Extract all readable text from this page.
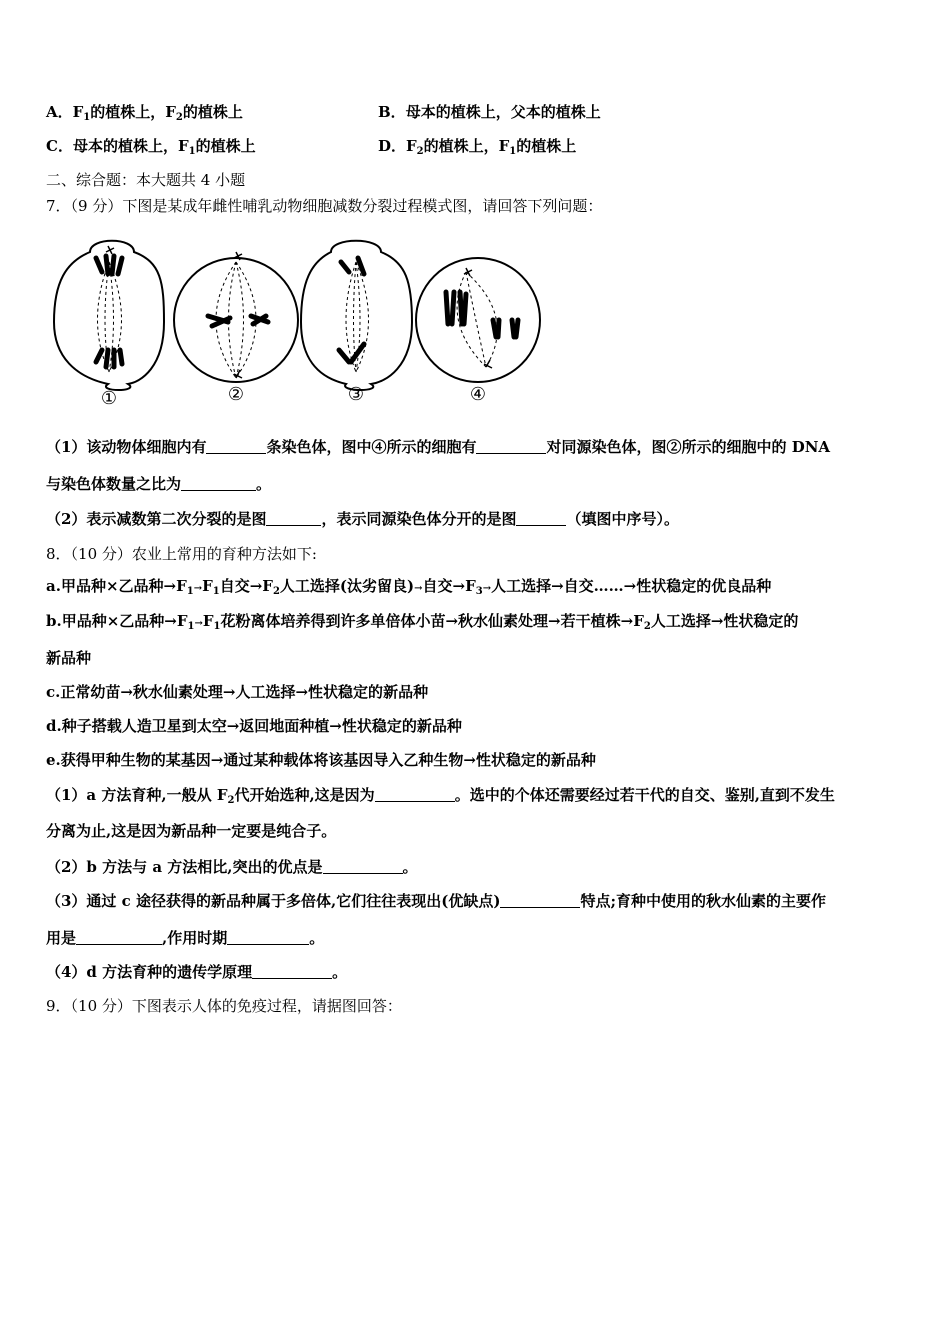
A．$F_1$的植株上，$F_2$的植株上	B．母本的植株上，父本的植株上
C．母本的植株上，$F_1$的植株上	D．$F_2$的植株上，$F_1$的植株上
二、综合题：本大题共 4 小题
7．（9 分）下图是某成年雌性哺乳动物细胞减数分裂过程模式图，请回答下列问题：
①	②	③	④
（1）该动物体细胞内有	条染色体，图中④所示的细胞有	对同源染色体，图②所示的细胞中的 DNA
与染色体数量之比为	。
（2）表示减数第二次分裂的是图	，表示同源染色体分开的是图	（填图中序号）。
8．（10 分）农业上常用的育种方法如下:
a.甲品种×乙品种$\to F_1\to F_1$自交$\to F_2$人工选择(汰劣留良)→自交$\to F_3\to$人工选择→自交……→性状稳定的优良品种
b.甲品种×乙品种$\to F_1\to F_1$花粉离体培养得到许多单倍体小苗→秋水仙素处理→若干植株$\to F_2$人工选择→性状稳定的
新品种
c.正常幼苗→秋水仙素处理→人工选择→性状稳定的新品种
d.种子搭载人造卫星到太空→返回地面种植→性状稳定的新品种
e.获得甲种生物的某基因→通过某种载体将该基因导入乙种生物→性状稳定的新品种
（1）a 方法育种,一般从 $F_2$代开始选种,这是因为	。选中的个体还需要经过若干代的自交、鉴别,直到不发生
分离为止,这是因为新品种一定要是纯合子。
（2）b 方法与 a 方法相比,突出的优点是	。
（3）通过 c 途径获得的新品种属于多倍体,它们往往表现出(优缺点)	特点;育种中使用的秋水仙素的主要作
用是	,作用时期	。
（4）d 方法育种的遗传学原理	。
9．（10 分）下图表示人体的免疫过程，请据图回答：
